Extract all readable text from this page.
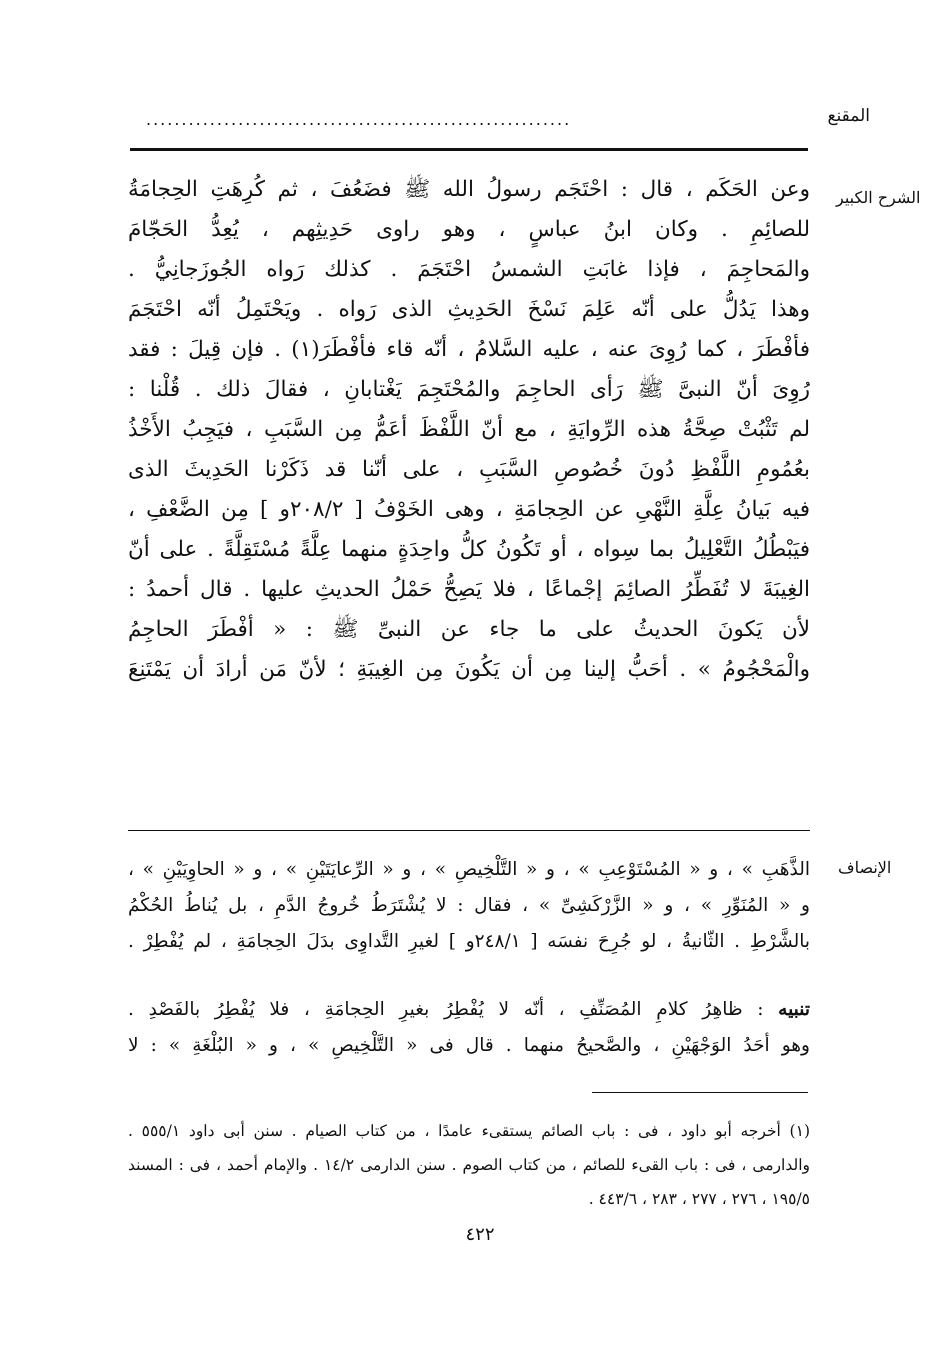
............................................................	المقنع
الشرح الكبير
وعن الحَكَم ، قال : احْتَجَم رسولُ الله ﷺ فضَعُفَ ، ثم كُرِهَتِ الحِجامَةُ
للصائِمِ . وكان ابنُ عباسٍ ، وهو راوى حَدِيثِهم ، يُعِدُّ الحَجّامَ
والمَحاجِمَ ، فإذا غابَتِ الشمسُ احْتَجَمَ . كذلك رَواه الجُوزَجانِيُّ .
وهذا يَدُلُّ على أنّه عَلِمَ نَسْخَ الحَدِيثِ الذى رَواه . ويَحْتَمِلُ أنّه احْتَجَمَ
فأفْطَرَ ، كما رُوِىَ عنه ، عليه السَّلامُ ، أنّه قاء فأفْطَرَ(١) . فإن قِيلَ : فقد
رُوِىَ أنّ النبىَّ ﷺ رَأى الحاجِمَ والمُحْتَجِمَ يَغْتابانِ ، فقالَ ذلك . قُلْنا :
لم تَثْبُتْ صِحَّةُ هذه الرِّوايَةِ ، مع أنّ اللَّفْظَ أعَمُّ مِن السَّبَبِ ، فيَجِبُ الأَخْذُ
بعُمُومِ اللَّفْظِ دُونَ خُصُوصِ السَّبَبِ ، على أنّنا قد ذَكَرْنا الحَدِيثَ الذى
فيه بَيانُ عِلَّةِ النَّهْىِ عن الحِجامَةِ ، وهى الخَوْفُ [ ٢٠٨/٢و ] مِن الضَّعْفِ ،
فيَبْطُلُ التَّعْلِيلُ بما سِواه ، أو تَكُونُ كلُّ واحِدَةٍ منهما عِلَّةً مُسْتَقِلَّةً . على أنّ
الغِيبَةَ لا تُفَطِّرُ الصائِمَ إجْماعًا ، فلا يَصِحُّ حَمْلُ الحديثِ عليها . قال أحمدُ :
لأن يَكونَ الحديثُ على ما جاء عن النبىِّ ﷺ : « أفْطَرَ الحاجِمُ
والْمَحْجُومُ » . أحَبُّ إلينا مِن أن يَكُونَ مِن الغِيبَةِ ؛ لأنّ مَن أرادَ أن يَمْتَنِعَ
الإنصاف
الذَّهَبِ » ، و « المُسْتَوْعِبِ » ، و « التَّلْخِيصِ » ، و « الرِّعايَتَيْنِ » ، و « الحاوِيَيْنِ » ،
و « المُنَوِّرِ » ، و « الزَّرْكَشِىِّ » ، فقال : لا يُشْتَرَطُ خُروجُ الدَّمِ ، بل يُناطُ الحُكْمُ
بالشَّرْطِ . الثّانيةُ ، لو جُرِحَ نفسَه [ ٢٤٨/١و ] لغيرِ التَّداوِى بدَلَ الحِجامَةِ ، لم يُفْطِرْ .
تنبيه : ظاهِرُ كلامِ المُصَنِّفِ ، أنّه لا يُفْطِرُ بغيرِ الحِجامَةِ ، فلا يُفْطِرُ بالفَصْدِ .
وهو أحَدُ الوَجْهَيْنِ ، والصَّحيحُ منهما . قال فى « التَّلْخِيصِ » ، و « البُلْغَةِ » : لا
(١) أخرجه أبو داود ، فى : باب الصائم يستقىء عامدًا ، من كتاب الصيام . سنن أبى داود ٥٥٥/١ .
والدارمى ، فى : باب القىء للصائم ، من كتاب الصوم . سنن الدارمى ١٤/٢ . والإمام أحمد ، فى : المسند
١٩٥/٥ ، ٢٧٦ ، ٢٧٧ ، ٢٨٣ ، ٤٤٣/٦ .
٤٢٢
